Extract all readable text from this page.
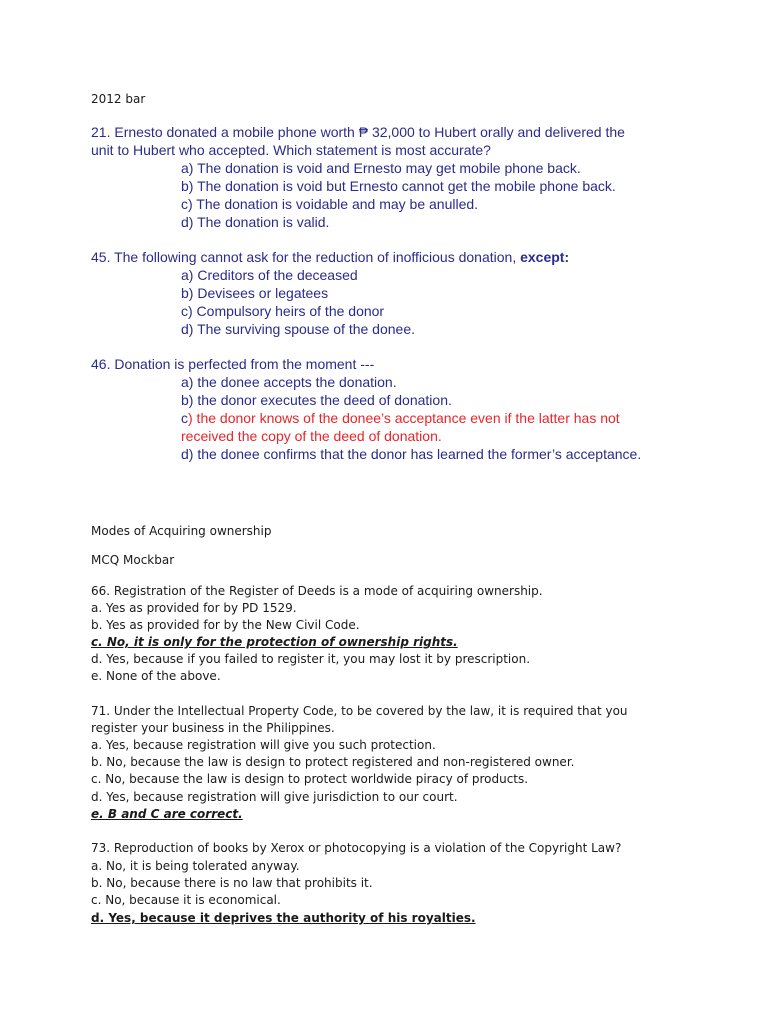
2012 bar
21. Ernesto donated a mobile phone worth ₱ 32,000 to Hubert orally and delivered the
unit to Hubert who accepted. Which statement is most accurate?
a) The donation is void and Ernesto may get mobile phone back.
b) The donation is void but Ernesto cannot get the mobile phone back.
c) The donation is voidable and may be anulled.
d) The donation is valid.
45. The following cannot ask for the reduction of inofficious donation, except:
a) Creditors of the deceased
b) Devisees or legatees
c) Compulsory heirs of the donor
d) The surviving spouse of the donee.
46. Donation is perfected from the moment ---
a) the donee accepts the donation.
b) the donor executes the deed of donation.
c) the donor knows of the donee’s acceptance even if the latter has not
received the copy of the deed of donation.
d) the donee confirms that the donor has learned the former’s acceptance.
Modes of Acquiring ownership
MCQ Mockbar
66. Registration of the Register of Deeds is a mode of acquiring ownership.
a. Yes as provided for by PD 1529.
b. Yes as provided for by the New Civil Code.
c. No, it is only for the protection of ownership rights.
d. Yes, because if you failed to register it, you may lost it by prescription.
e. None of the above.
71. Under the Intellectual Property Code, to be covered by the law, it is required that you
register your business in the Philippines.
a. Yes, because registration will give you such protection.
b. No, because the law is design to protect registered and non-registered owner.
c. No, because the law is design to protect worldwide piracy of products.
d. Yes, because registration will give jurisdiction to our court.
e. B and C are correct.
73. Reproduction of books by Xerox or photocopying is a violation of the Copyright Law?
a. No, it is being tolerated anyway.
b. No, because there is no law that prohibits it.
c. No, because it is economical.
d. Yes, because it deprives the authority of his royalties.
